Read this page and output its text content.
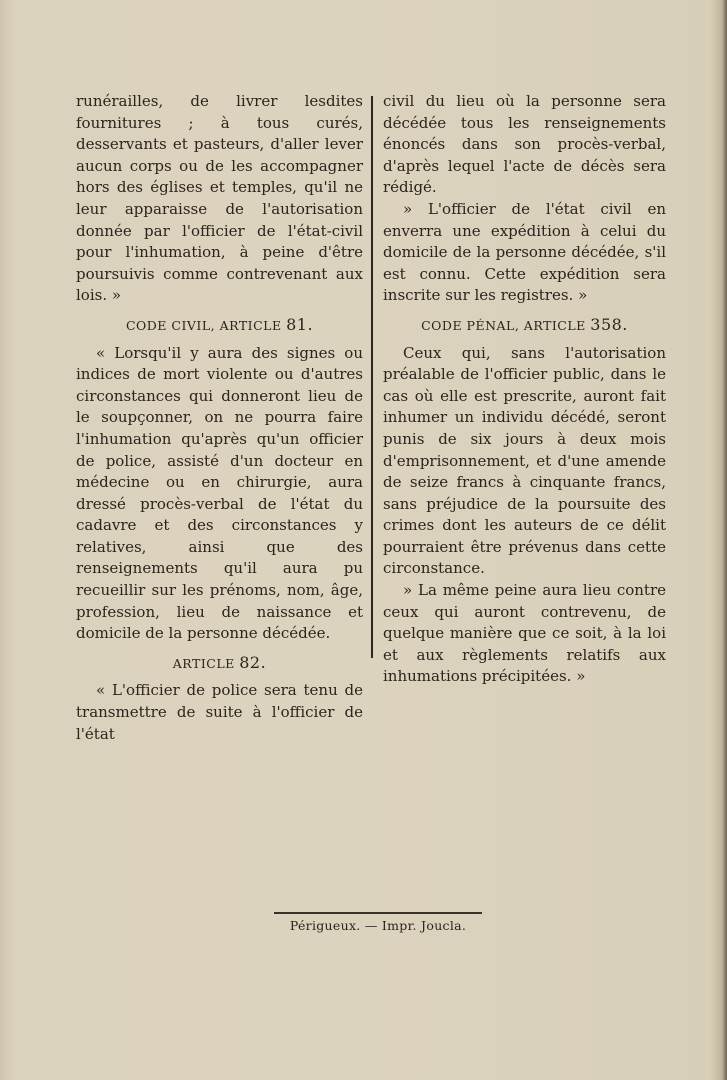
runérailles, de livrer lesdites fournitures ; à tous curés, desservants et pasteurs, d'aller lever aucun corps ou de les accompagner hors des églises et temples, qu'il ne leur apparaisse de l'autorisation donnée par l'officier de l'état-civil pour l'inhumation, à peine d'être poursuivis comme contrevenant aux lois. »

CODE CIVIL, ARTICLE 81.

« Lorsqu'il y aura des signes ou indices de mort violente ou d'autres circonstances qui donneront lieu de le soupçonner, on ne pourra faire l'inhumation qu'après qu'un officier de police, assisté d'un docteur en médecine ou en chirurgie, aura dressé procès-verbal de l'état du cadavre et des circonstances y relatives, ainsi que des renseignements qu'il aura pu recueillir sur les prénoms, nom, âge, profession, lieu de naissance et domicile de la personne décédée.

ARTICLE 82.

« L'officier de police sera tenu de transmettre de suite à l'officier de l'état

civil du lieu où la personne sera décédée tous les renseignements énoncés dans son procès-verbal, d'après lequel l'acte de décès sera rédigé.

» L'officier de l'état civil en enverra une expédition à celui du domicile de la personne décédée, s'il est connu. Cette expédition sera inscrite sur les registres. »

CODE PÉNAL, ARTICLE 358.

Ceux qui, sans l'autorisation préalable de l'officier public, dans le cas où elle est prescrite, auront fait inhumer un individu décédé, seront punis de six jours à deux mois d'emprisonnement, et d'une amende de seize francs à cinquante francs, sans préjudice de la poursuite des crimes dont les auteurs de ce délit pourraient être prévenus dans cette circonstance.

» La même peine aura lieu contre ceux qui auront contrevenu, de quelque manière que ce soit, à la loi et aux règlements relatifs aux inhumations précipitées. »

Périgueux. — Impr. Joucla.
